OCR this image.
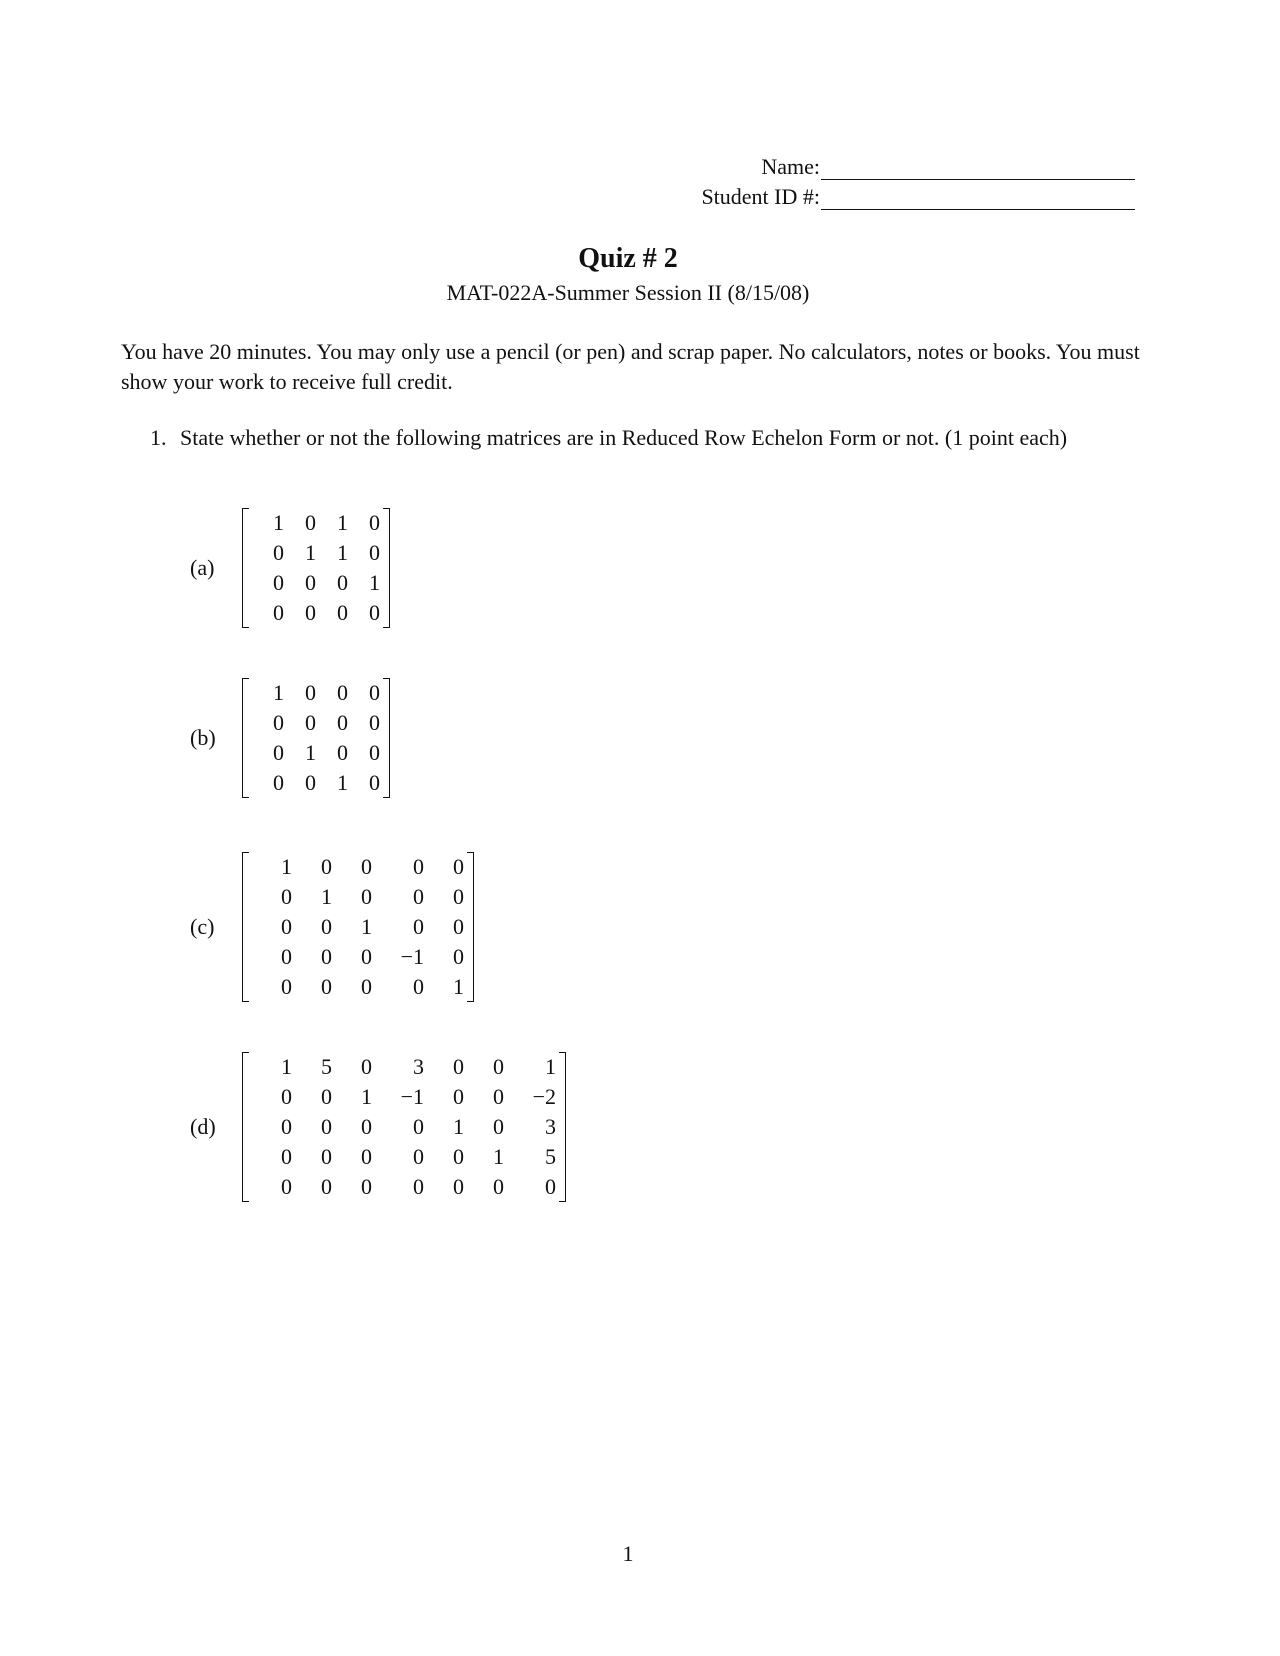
Name:
Student ID #:
Quiz # 2
MAT-022A-Summer Session II (8/15/08)
You have 20 minutes. You may only use a pencil (or pen) and scrap paper. No calculators, notes or books. You must show your work to receive full credit.
1. State whether or not the following matrices are in Reduced Row Echelon Form or not. (1 point each)
(a)
1	0	1	0
0	1	1	0
0	0	0	1
0	0	0	0
(b)
1	0	0	0
0	0	0	0
0	1	0	0
0	0	1	0
(c)
1	0	0	0	0
0	1	0	0	0
0	0	1	0	0
0	0	0	−1	0
0	0	0	0	1
(d)
1	5	0	3	0	0	1
0	0	1	−1	0	0	−2
0	0	0	0	1	0	3
0	0	0	0	0	1	5
0	0	0	0	0	0	0
1
